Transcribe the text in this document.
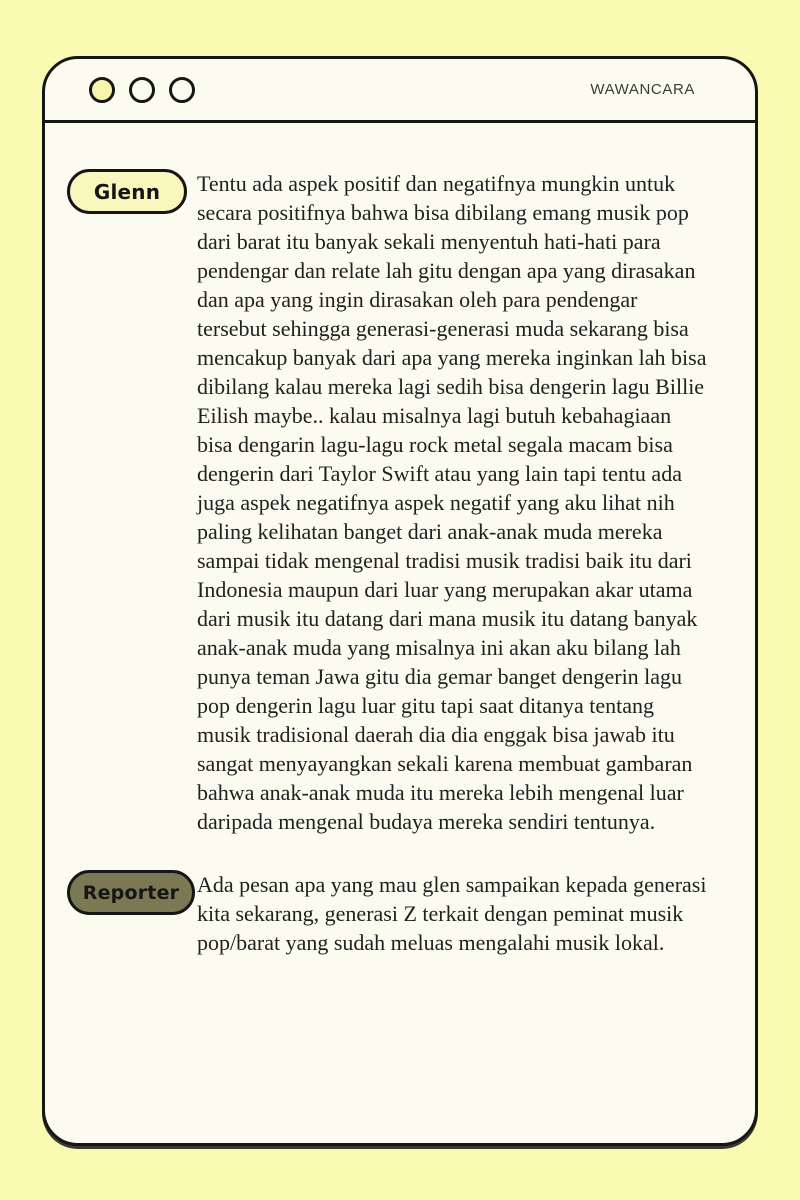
WAWANCARA
Glenn	Tentu ada aspek positif dan negatifnya mungkin untuk secara positifnya bahwa bisa dibilang emang musik pop dari barat itu banyak sekali menyentuh hati-hati para pendengar dan relate lah gitu dengan apa yang dirasakan dan apa yang ingin dirasakan oleh para pendengar tersebut sehingga generasi-generasi muda sekarang bisa mencakup banyak dari apa yang mereka inginkan lah bisa dibilang kalau mereka lagi sedih bisa dengerin lagu Billie Eilish maybe.. kalau misalnya lagi butuh kebahagiaan bisa dengarin lagu-lagu rock metal segala macam bisa dengerin dari Taylor Swift atau yang lain tapi tentu ada juga aspek negatifnya aspek negatif yang aku lihat nih paling kelihatan banget dari anak-anak muda mereka sampai tidak mengenal tradisi musik tradisi baik itu dari Indonesia maupun dari luar yang merupakan akar utama dari musik itu datang dari mana musik itu datang banyak anak-anak muda yang misalnya ini akan aku bilang lah punya teman Jawa gitu dia gemar banget dengerin lagu pop dengerin lagu luar gitu tapi saat ditanya tentang musik tradisional daerah dia dia enggak bisa jawab itu sangat menyayangkan sekali karena membuat gambaran bahwa anak-anak muda itu mereka lebih mengenal luar daripada mengenal budaya mereka sendiri tentunya.

Reporter Ada pesan apa yang mau glen sampaikan kepada generasi kita sekarang, generasi Z terkait dengan peminat musik pop/barat yang sudah meluas mengalahi musik lokal.
